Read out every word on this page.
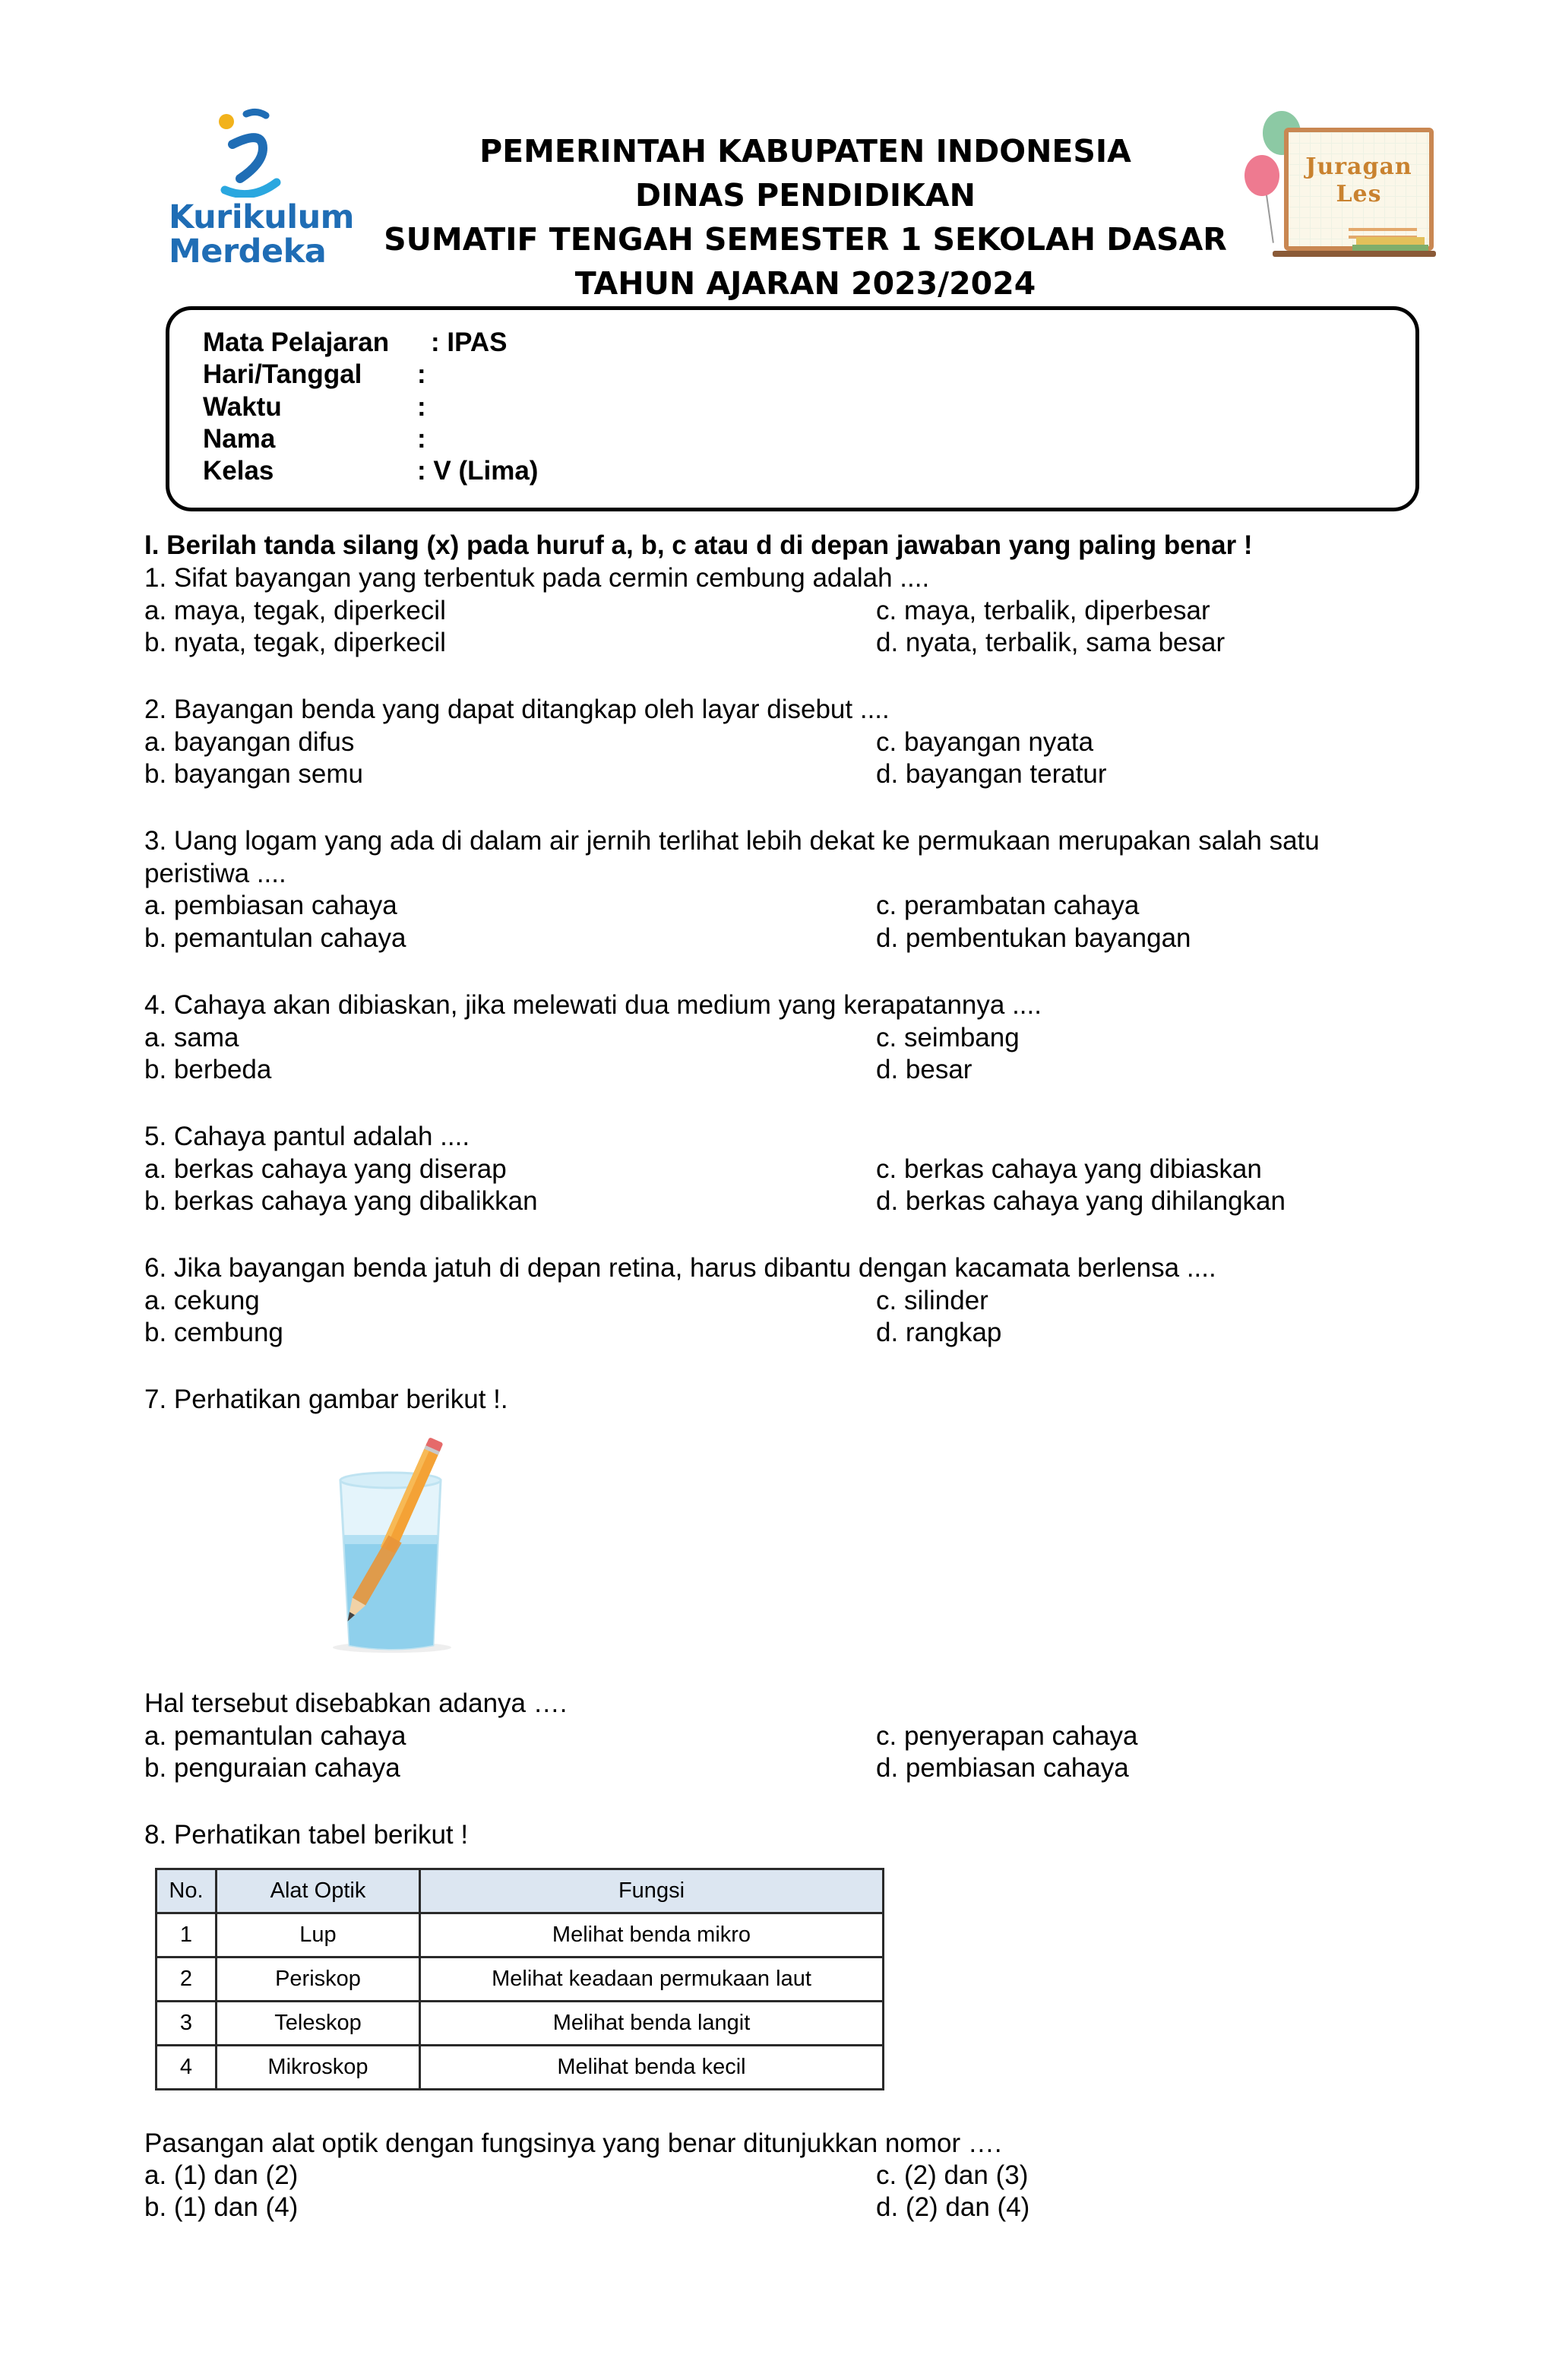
Kurikulum
Merdeka
PEMERINTAH KABUPATEN INDONESIA
DINAS PENDIDIKAN
SUMATIF TENGAH SEMESTER 1 SEKOLAH DASAR
TAHUN AJARAN 2023/2024
Juragan
Les
Mata Pelajaran : IPAS
Hari/Tanggal :
Waktu	:
Nama	:
Kelas	: V (Lima)
I. Berilah tanda silang (x) pada huruf a, b, c atau d di depan jawaban yang paling benar !
1. Sifat bayangan yang terbentuk pada cermin cembung adalah ....
a. maya, tegak, diperkecil	c. maya, terbalik, diperbesar
b. nyata, tegak, diperkecil	d. nyata, terbalik, sama besar
2. Bayangan benda yang dapat ditangkap oleh layar disebut ....
a. bayangan difus	c. bayangan nyata
b. bayangan semu	d. bayangan teratur
3. Uang logam yang ada di dalam air jernih terlihat lebih dekat ke permukaan merupakan salah satu
peristiwa ....
a. pembiasan cahaya	c. perambatan cahaya
b. pemantulan cahaya	d. pembentukan bayangan
4. Cahaya akan dibiaskan, jika melewati dua medium yang kerapatannya ....
a. sama	c. seimbang
b. berbeda	d. besar
5. Cahaya pantul adalah ....
a. berkas cahaya yang diserap	c. berkas cahaya yang dibiaskan
b. berkas cahaya yang dibalikkan	d. berkas cahaya yang dihilangkan
6. Jika bayangan benda jatuh di depan retina, harus dibantu dengan kacamata berlensa ....
a. cekung	c. silinder
b. cembung	d. rangkap
7. Perhatikan gambar berikut !.
Hal tersebut disebabkan adanya ….
a. pemantulan cahaya	c. penyerapan cahaya
b. penguraian cahaya	d. pembiasan cahaya
8. Perhatikan tabel berikut !
No.	Alat Optik	Fungsi
1	Lup	Melihat benda mikro
2	Periskop	Melihat keadaan permukaan laut
3	Teleskop	Melihat benda langit
4	Mikroskop	Melihat benda kecil
Pasangan alat optik dengan fungsinya yang benar ditunjukkan nomor ….
a. (1) dan (2)	c. (2) dan (3)
b. (1) dan (4)	d. (2) dan (4)
